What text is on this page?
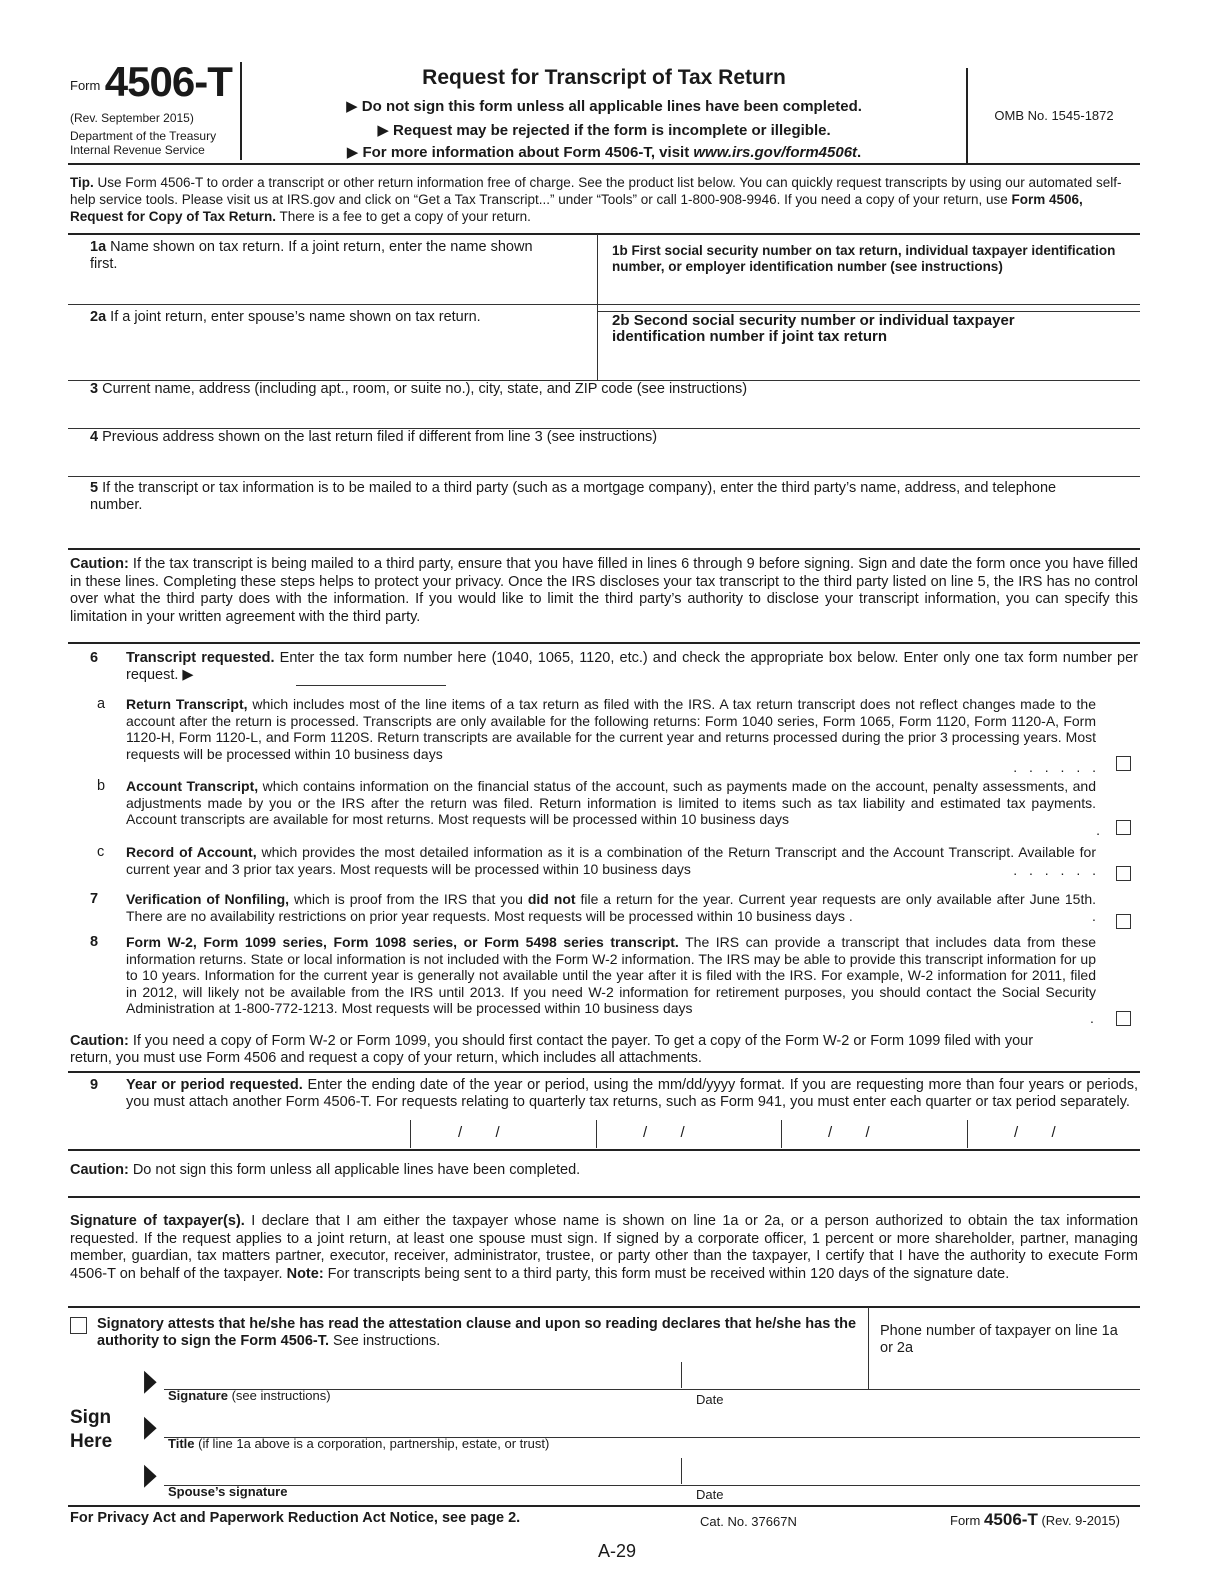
$^{Form}$ 4506-T
(Rev. September 2015)
Department of the Treasury
Internal Revenue Service
Request for Transcript of Tax Return
▶ Do not sign this form unless all applicable lines have been completed.
▶ Request may be rejected if the form is incomplete or illegible.
▶ For more information about Form 4506-T, visit www.irs.gov/form4506t.
OMB No. 1545-1872
Tip. Use Form 4506-T to order a transcript or other return information free of charge. See the product list below. You can quickly request transcripts by using our automated self-help service tools. Please visit us at IRS.gov and click on “Get a Tax Transcript...” under “Tools” or call 1-800-908-9946. If you need a copy of your return, use Form 4506, Request for Copy of Tax Return. There is a fee to get a copy of your return.
1a Name shown on tax return. If a joint return, enter the name shown first.
1b First social security number on tax return, individual taxpayer identification number, or employer identification number (see instructions)
2a If a joint return, enter spouse’s name shown on tax return.	2b Second social security number or individual taxpayer identification number if joint tax return
3 Current name, address (including apt., room, or suite no.), city, state, and ZIP code (see instructions)
4 Previous address shown on the last return filed if different from line 3 (see instructions)
5 If the transcript or tax information is to be mailed to a third party (such as a mortgage company), enter the third party’s name, address, and telephone number.
Caution: If the tax transcript is being mailed to a third party, ensure that you have filled in lines 6 through 9 before signing. Sign and date the form once you have filled in these lines. Completing these steps helps to protect your privacy. Once the IRS discloses your tax transcript to the third party listed on line 5, the IRS has no control over what the third party does with the information. If you would like to limit the third party’s authority to disclose your transcript information, you can specify this limitation in your written agreement with the third party.
6 Transcript requested. Enter the tax form number here (1040, 1065, 1120, etc.) and check the appropriate box below. Enter only one tax form number per request. ▶
a Return Transcript, which includes most of the line items of a tax return as filed with the IRS. A tax return transcript does not reflect changes made to the account after the return is processed. Transcripts are only available for the following returns: Form 1040 series, Form 1065, Form 1120, Form 1120-A, Form 1120-H, Form 1120-L, and Form 1120S. Return transcripts are available for the current year and returns processed during the prior 3 processing years. Most requests will be processed within 10 business days
. . . . . .
b Account Transcript, which contains information on the financial status of the account, such as payments made on the account, penalty assessments, and adjustments made by you or the IRS after the return was filed. Return information is limited to items such as tax liability and estimated tax payments. Account transcripts are available for most returns. Most requests will be processed within 10 business days
.
c Record of Account, which provides the most detailed information as it is a combination of the Return Transcript and the Account Transcript. Available for current year and 3 prior tax years. Most requests will be processed within 10 business days	. . . . . .
7 Verification of Nonfiling, which is proof from the IRS that you did not file a return for the year. Current year requests are only available after June 15th. There are no availability restrictions on prior year requests. Most requests will be processed within 10 business days .	.
8 Form W-2, Form 1099 series, Form 1098 series, or Form 5498 series transcript. The IRS can provide a transcript that includes data from these information returns. State or local information is not included with the Form W-2 information. The IRS may be able to provide this transcript information for up to 10 years. Information for the current year is generally not available until the year after it is filed with the IRS. For example, W-2 information for 2011, filed in 2012, will likely not be available from the IRS until 2013. If you need W-2 information for retirement purposes, you should contact the Social Security Administration at 1-800-772-1213. Most requests will be processed within 10 business days
.
Caution: If you need a copy of Form W-2 or Form 1099, you should first contact the payer. To get a copy of the Form W-2 or Form 1099 filed with your return, you must use Form 4506 and request a copy of your return, which includes all attachments.
9 Year or period requested. Enter the ending date of the year or period, using the mm/dd/yyyy format. If you are requesting more than four years or periods, you must attach another Form 4506-T. For requests relating to quarterly tax returns, such as Form 941, you must enter each quarter or tax period separately.
/        /	/        /	/        /	/        /
Caution: Do not sign this form unless all applicable lines have been completed.
Signature of taxpayer(s). I declare that I am either the taxpayer whose name is shown on line 1a or 2a, or a person authorized to obtain the tax information requested. If the request applies to a joint return, at least one spouse must sign. If signed by a corporate officer, 1 percent or more shareholder, partner, managing member, guardian, tax matters partner, executor, receiver, administrator, trustee, or party other than the taxpayer, I certify that I have the authority to execute Form 4506-T on behalf of the taxpayer. Note: For transcripts being sent to a third party, this form must be received within 120 days of the signature date.
Signatory attests that he/she has read the attestation clause and upon so reading declares that he/she has the authority to sign the Form 4506-T. See instructions.
Phone number of taxpayer on line 1a or 2a
Sign
Here
▶
▶
▶
Signature (see instructions)	Date
Title (if line 1a above is a corporation, partnership, estate, or trust)
Spouse’s signature	Date
For Privacy Act and Paperwork Reduction Act Notice, see page 2.	Cat. No. 37667N	Form 4506-T (Rev. 9-2015)
A-29
